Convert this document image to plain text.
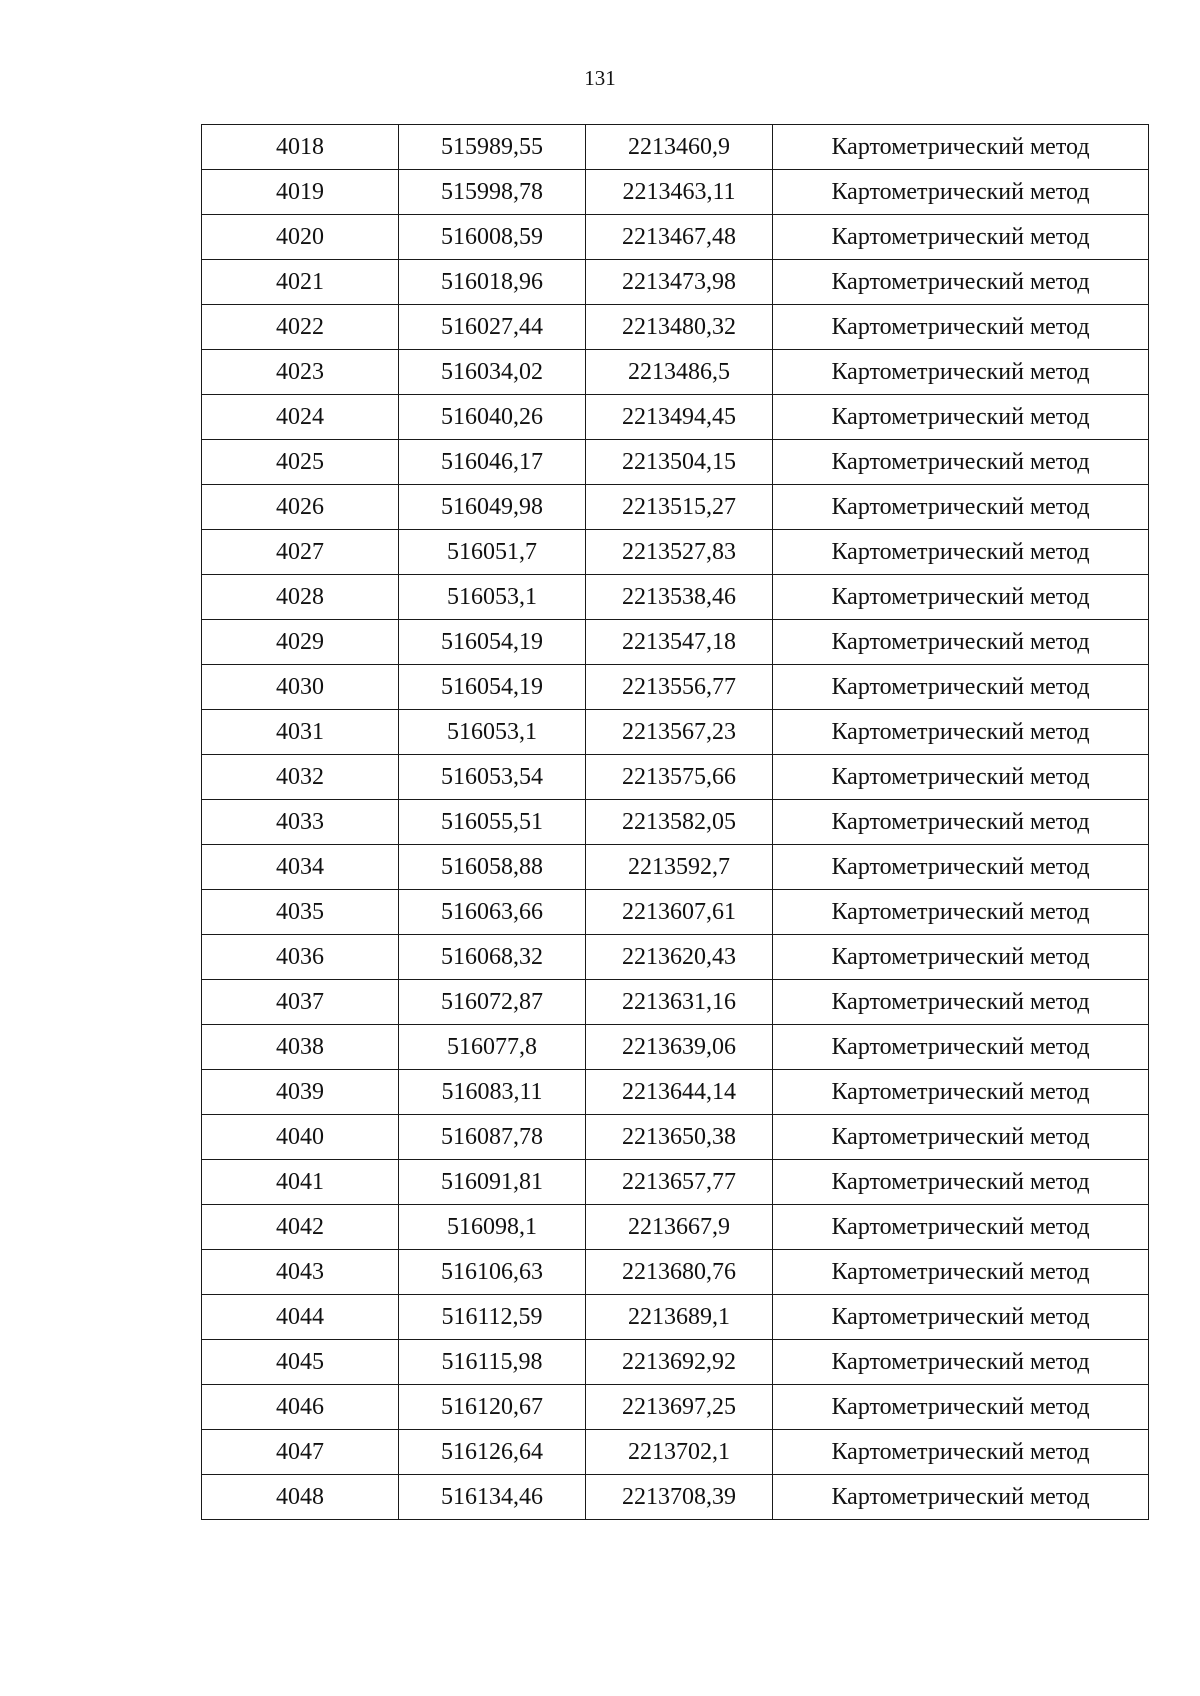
131
4018	515989,55	2213460,9	Картометрический метод
4019	515998,78	2213463,11	Картометрический метод
4020	516008,59	2213467,48	Картометрический метод
4021	516018,96	2213473,98	Картометрический метод
4022	516027,44	2213480,32	Картометрический метод
4023	516034,02	2213486,5	Картометрический метод
4024	516040,26	2213494,45	Картометрический метод
4025	516046,17	2213504,15	Картометрический метод
4026	516049,98	2213515,27	Картометрический метод
4027	516051,7	2213527,83	Картометрический метод
4028	516053,1	2213538,46	Картометрический метод
4029	516054,19	2213547,18	Картометрический метод
4030	516054,19	2213556,77	Картометрический метод
4031	516053,1	2213567,23	Картометрический метод
4032	516053,54	2213575,66	Картометрический метод
4033	516055,51	2213582,05	Картометрический метод
4034	516058,88	2213592,7	Картометрический метод
4035	516063,66	2213607,61	Картометрический метод
4036	516068,32	2213620,43	Картометрический метод
4037	516072,87	2213631,16	Картометрический метод
4038	516077,8	2213639,06	Картометрический метод
4039	516083,11	2213644,14	Картометрический метод
4040	516087,78	2213650,38	Картометрический метод
4041	516091,81	2213657,77	Картометрический метод
4042	516098,1	2213667,9	Картометрический метод
4043	516106,63	2213680,76	Картометрический метод
4044	516112,59	2213689,1	Картометрический метод
4045	516115,98	2213692,92	Картометрический метод
4046	516120,67	2213697,25	Картометрический метод
4047	516126,64	2213702,1	Картометрический метод
4048	516134,46	2213708,39	Картометрический метод
